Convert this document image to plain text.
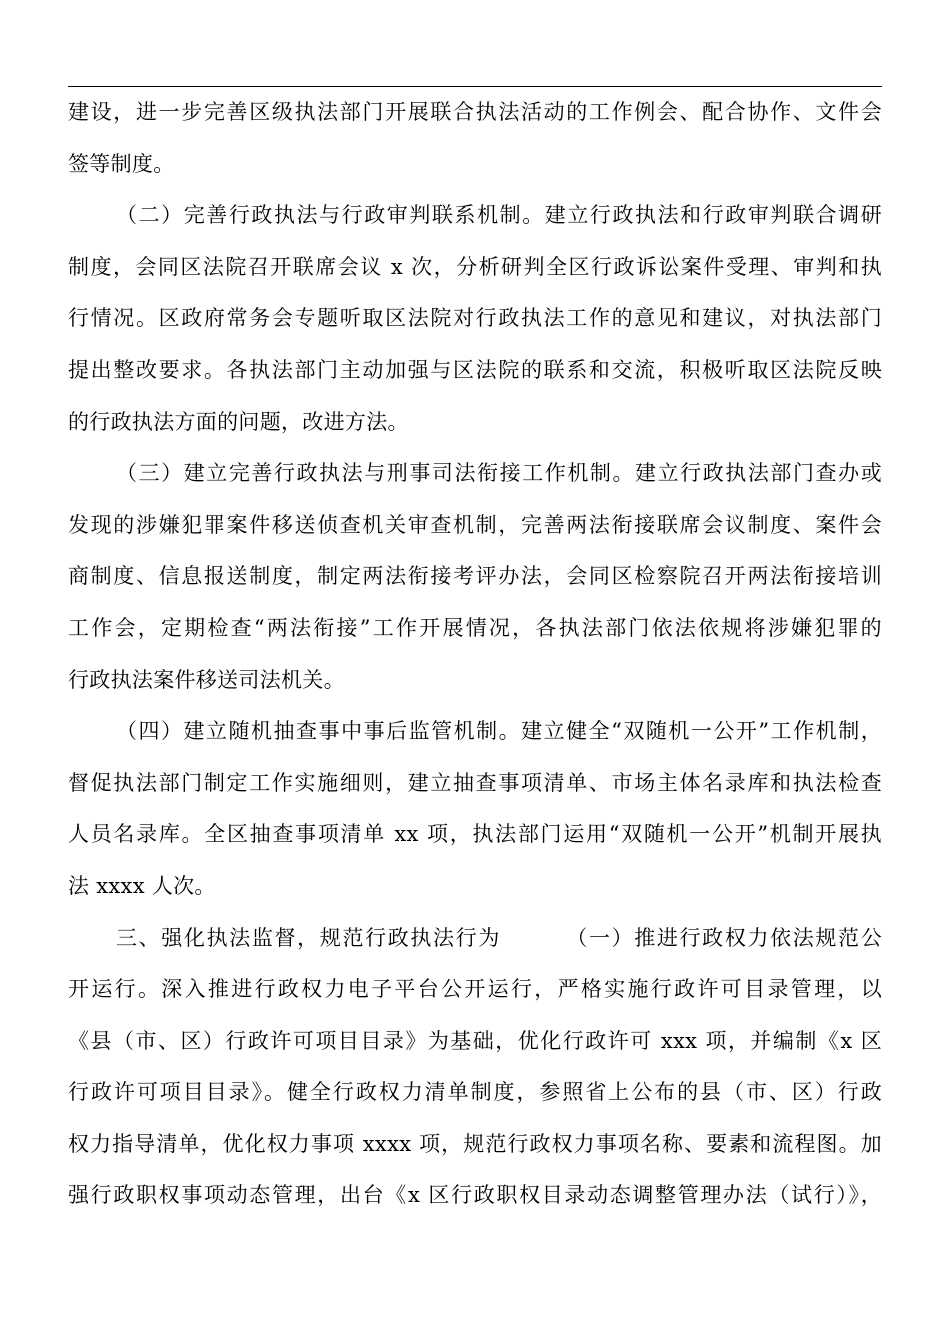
建设，进一步完善区级执法部门开展联合执法活动的工作例会、配合协作、文件会
签等制度。
（二）完善行政执法与行政审判联系机制。建立行政执法和行政审判联合调研
制度，会同区法院召开联席会议 x 次，分析研判全区行政诉讼案件受理、审判和执
行情况。区政府常务会专题听取区法院对行政执法工作的意见和建议，对执法部门
提出整改要求。各执法部门主动加强与区法院的联系和交流，积极听取区法院反映
的行政执法方面的问题，改进方法。
（三）建立完善行政执法与刑事司法衔接工作机制。建立行政执法部门查办或
发现的涉嫌犯罪案件移送侦查机关审查机制，完善两法衔接联席会议制度、案件会
商制度、信息报送制度，制定两法衔接考评办法，会同区检察院召开两法衔接培训
工作会，定期检查“两法衔接”工作开展情况，各执法部门依法依规将涉嫌犯罪的
行政执法案件移送司法机关。
（四）建立随机抽查事中事后监管机制。建立健全“双随机一公开”工作机制，
督促执法部门制定工作实施细则，建立抽查事项清单、市场主体名录库和执法检查
人员名录库。全区抽查事项清单 xx 项，执法部门运用“双随机一公开”机制开展执
法 xxxx 人次。
三、强化执法监督，规范行政执法行为	（一）推进行政权力依法规范公
开运行。深入推进行政权力电子平台公开运行，严格实施行政许可目录管理，以
《县（市、区）行政许可项目目录》为基础，优化行政许可 xxx 项，并编制《x 区
行政许可项目目录》。健全行政权力清单制度，参照省上公布的县（市、区）行政
权力指导清单，优化权力事项 xxxx 项，规范行政权力事项名称、要素和流程图。加
强行政职权事项动态管理，出台《x 区行政职权目录动态调整管理办法（试行）》，
